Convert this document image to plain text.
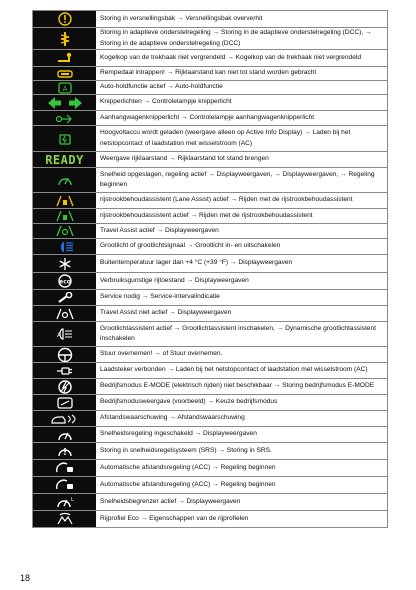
Storing in versnellingsbak → Versnellingsbak oververhit
Storing in adaptieve onderstelregeling → Storing in de adaptieve onderstelregeling (DCC), → Storing in de adaptieve onderstelregeling (DCC)
Kogelkop van de trekhaak niet vergrendeld → Kogelkop van de trekhaak niet vergrendeld
Rempedaal intrappen! → Rijklaarstand kan niet tot stand worden gebracht
A	Auto-holdfunctie actief → Auto-holdfunctie
Knipperlichten → Controlelampje knipperlicht
Aanhangwagenknipperlicht → Controlelampje aanhangwagenknipperlicht
Hoogvoltaccu wordt geladen (weergave alleen op Active Info Display) → Laden bij het netstopcontact of laadstation met wisselstroom (AC)
READY Weergave rijklaarstand → Rijklaarstand tot stand brengen
Snelheid opgeslagen, regeling actief → Displayweergaven, → Displayweergaven, → Regeling beginnen
rijstrookbehoudassistent (Lane Assist) actief → Rijden met de rijstrookbehoudassistent
rijstrookbehoudassistent actief → Rijden met de rijstrookbehoudassistent
Travel Assist actief → Displayweergaven
Grootlicht of grootlichtsignaal → Grootlicht in- en uitschakelen
Buitentemperatuur lager dan +4 °C (+39 °F) → Displayweergaven
eco	Verbruiksgunstige rijtoestand → Displayweergaven
Service nodig → Service-intervalindicatie
Travel Assist niet actief → Displayweergaven
A
Grootlichtassistent actief → Grootlichtassistent inschakelen, → Dynamische grootlichtassistent inschakelen
Stuur overnemen! → of Stuur overnemen.
Laadsteker verbonden → Laden bij het netstopcontact of laadstation met wisselstroom (AC)
Bedrijfsmodus E-MODE (elektrisch rijden) niet beschikbaar → Storing bedrijfsmodus E-MODE
Bedrijfsmodusweergave (voorbeeld) → Keuze bedrijfsmodus
Afstandswaarschuwing → Afstandswaarschuwing
Snelheidsregeling ingeschakeld → Displayweergaven
Storing in snelheidsregelsysteem (SRS) → Storing in SRS.
Automatische afstandsregeling (ACC) → Regeling beginnen
Automatische afstandsregeling (ACC) → Regeling beginnen
L	Snelheidsbegrenzer actief → Displayweergaven
Rijprofiel Eco → Eigenschappen van de rijprofielen
18
